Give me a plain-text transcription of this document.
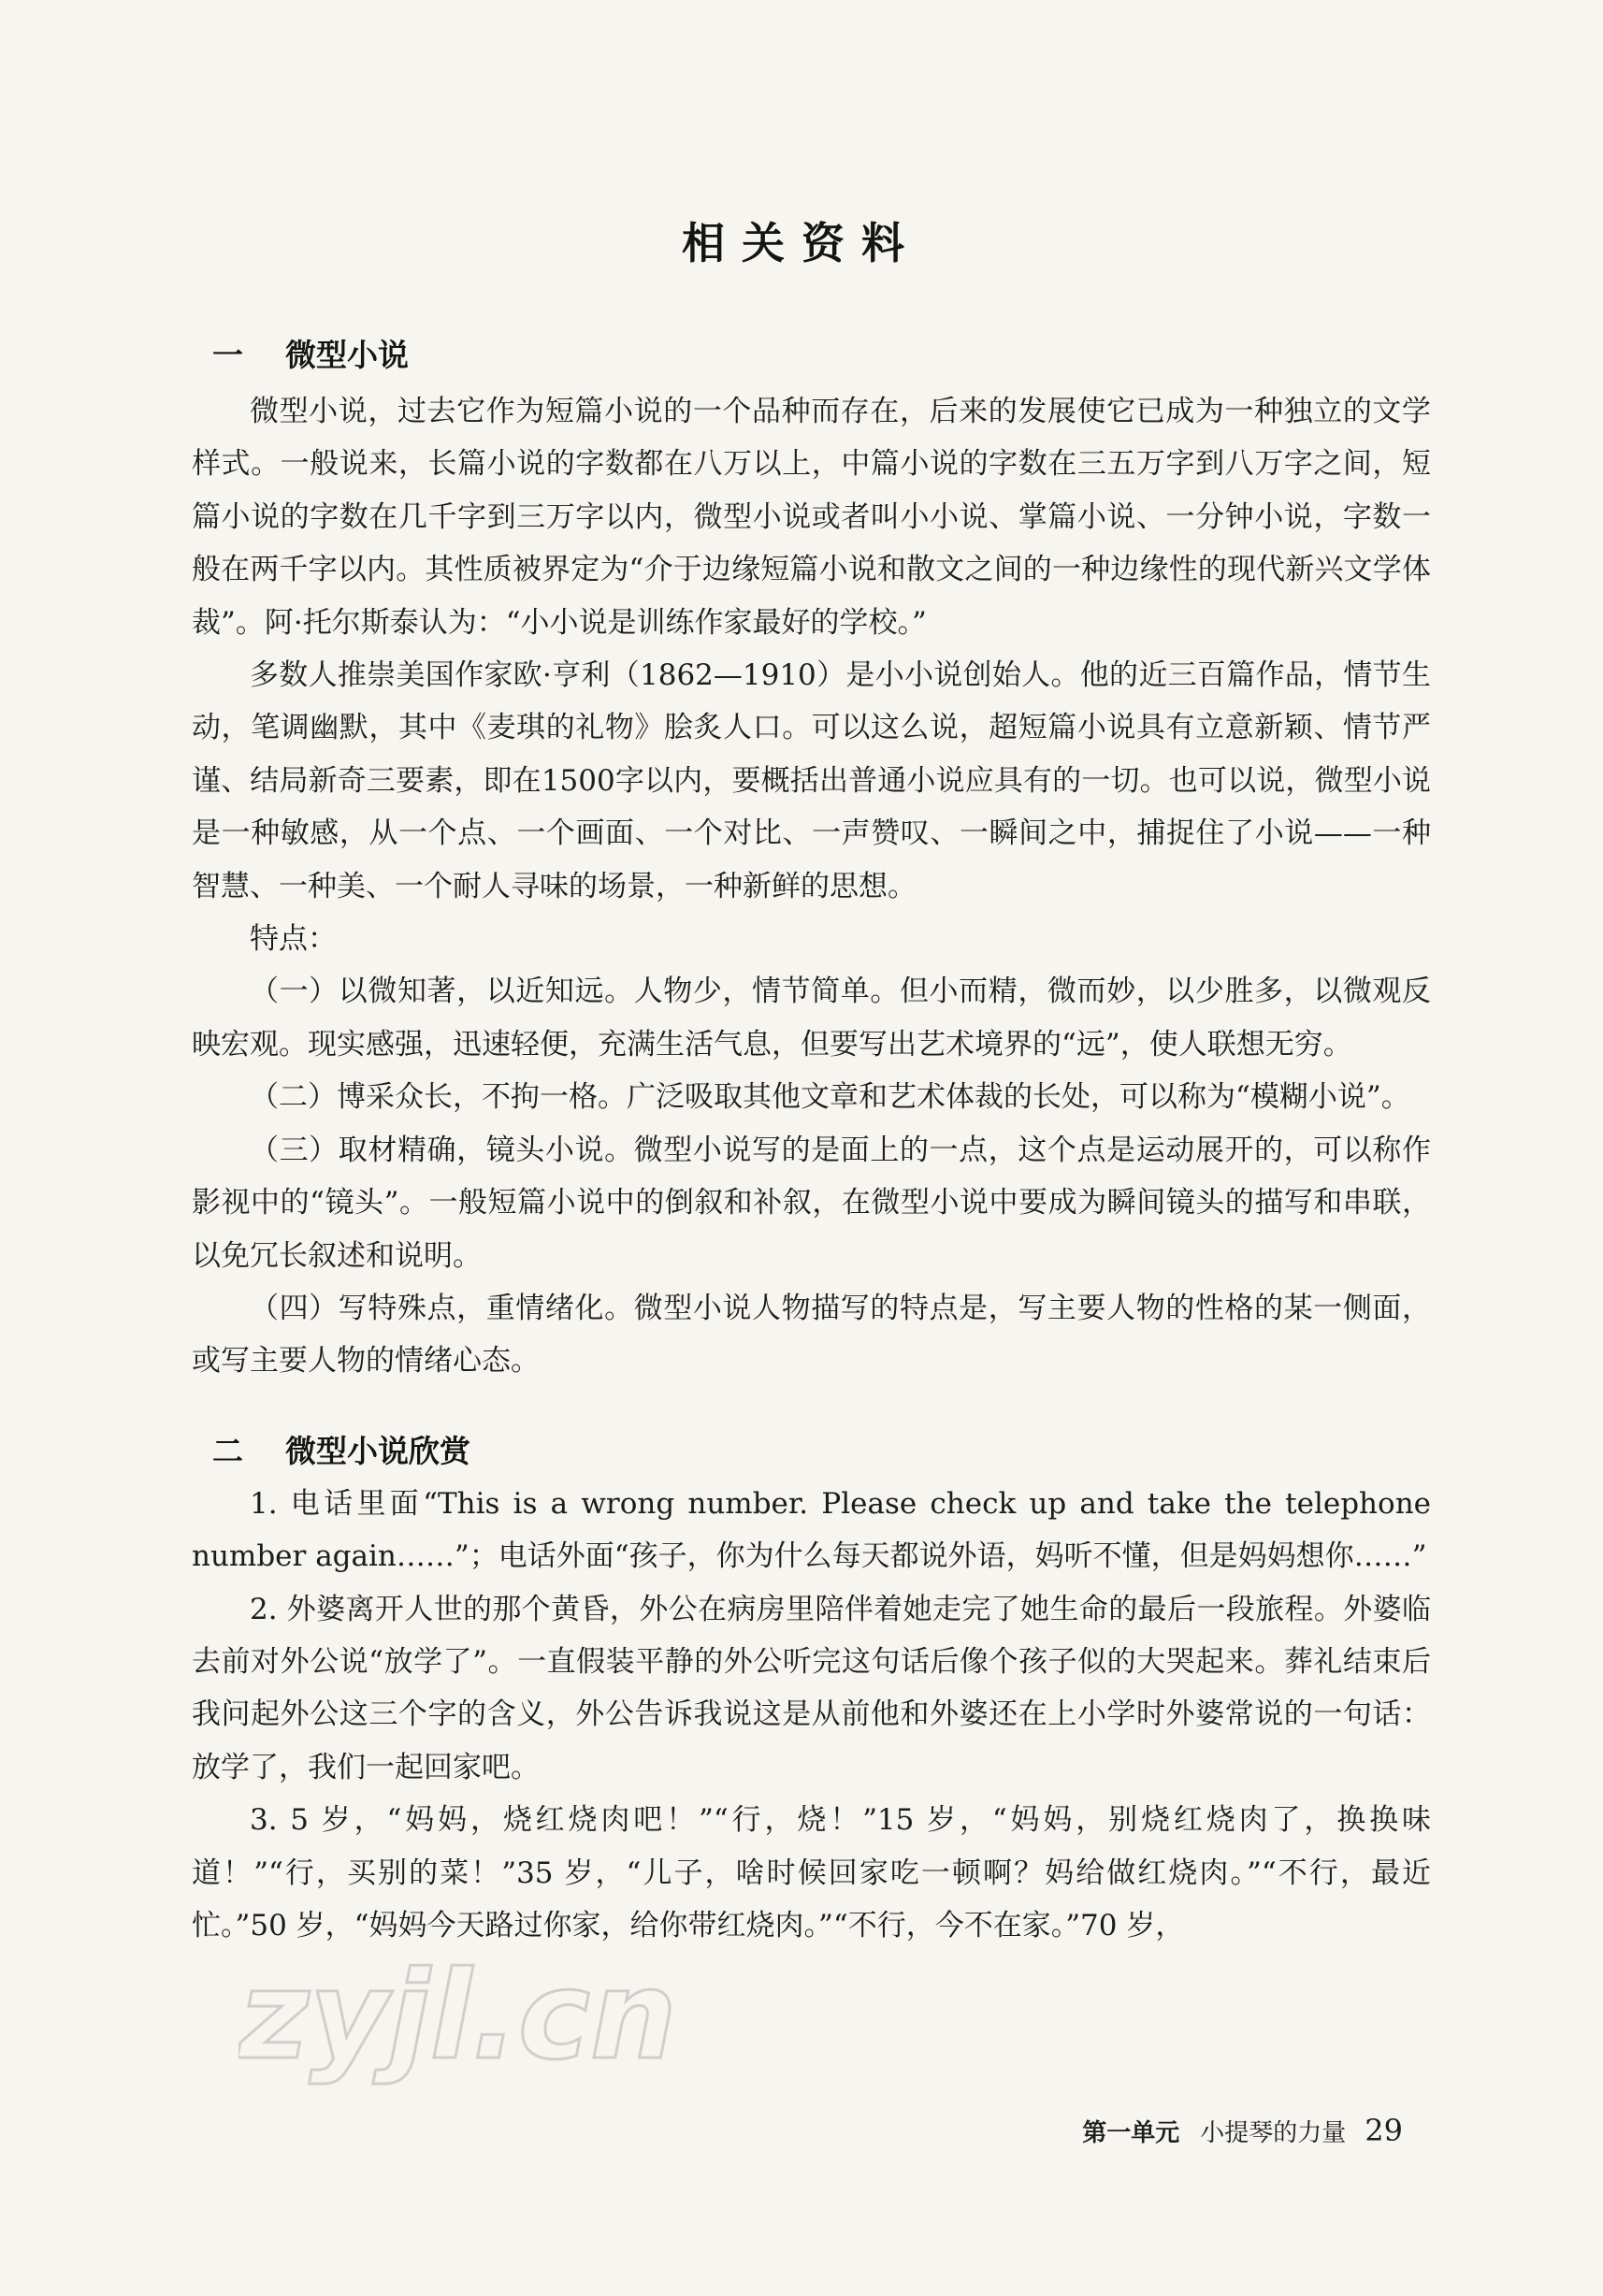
相关资料
一 微型小说

微型小说，过去它作为短篇小说的一个品种而存在，后来的发展使它已成为一种独立的文学样式。一般说来，长篇小说的字数都在八万以上，中篇小说的字数在三五万字到八万字之间，短篇小说的字数在几千字到三万字以内，微型小说或者叫小小说、掌篇小说、一分钟小说，字数一般在两千字以内。其性质被界定为“介于边缘短篇小说和散文之间的一种边缘性的现代新兴文学体裁”。阿·托尔斯泰认为：“小小说是训练作家最好的学校。”

多数人推崇美国作家欧·亨利（1862—1910）是小小说创始人。他的近三百篇作品，情节生动，笔调幽默，其中《麦琪的礼物》脍炙人口。可以这么说，超短篇小说具有立意新颖、情节严谨、结局新奇三要素，即在1500字以内，要概括出普通小说应具有的一切。也可以说，微型小说是一种敏感，从一个点、一个画面、一个对比、一声赞叹、一瞬间之中，捕捉住了小说——一种智慧、一种美、一个耐人寻味的场景，一种新鲜的思想。

特点：

（一）以微知著，以近知远。人物少，情节简单。但小而精，微而妙，以少胜多，以微观反映宏观。现实感强，迅速轻便，充满生活气息，但要写出艺术境界的“远”，使人联想无穷。

（二）博采众长，不拘一格。广泛吸取其他文章和艺术体裁的长处，可以称为“模糊小说”。

（三）取材精确，镜头小说。微型小说写的是面上的一点，这个点是运动展开的，可以称作影视中的“镜头”。一般短篇小说中的倒叙和补叙，在微型小说中要成为瞬间镜头的描写和串联，以免冗长叙述和说明。

（四）写特殊点，重情绪化。微型小说人物描写的特点是，写主要人物的性格的某一侧面，或写主要人物的情绪心态。

二 微型小说欣赏

1. 电话里面“This is a wrong number. Please check up and take the telephone number again……”；电话外面“孩子，你为什么每天都说外语，妈听不懂，但是妈妈想你……”

2. 外婆离开人世的那个黄昏，外公在病房里陪伴着她走完了她生命的最后一段旅程。外婆临去前对外公说“放学了”。一直假装平静的外公听完这句话后像个孩子似的大哭起来。葬礼结束后我问起外公这三个字的含义，外公告诉我说这是从前他和外婆还在上小学时外婆常说的一句话：放学了，我们一起回家吧。

3. 5 岁，“妈妈，烧红烧肉吧！”“行，烧！”15 岁，“妈妈，别烧红烧肉了，换换味道！”“行，买别的菜！”35 岁，“儿子，啥时候回家吃一顿啊？妈给做红烧肉。”“不行，最近忙。”50 岁，“妈妈今天路过你家，给你带红烧肉。”“不行，今不在家。”70 岁，

zyjl.cn
第一单元 小提琴的力量 29
